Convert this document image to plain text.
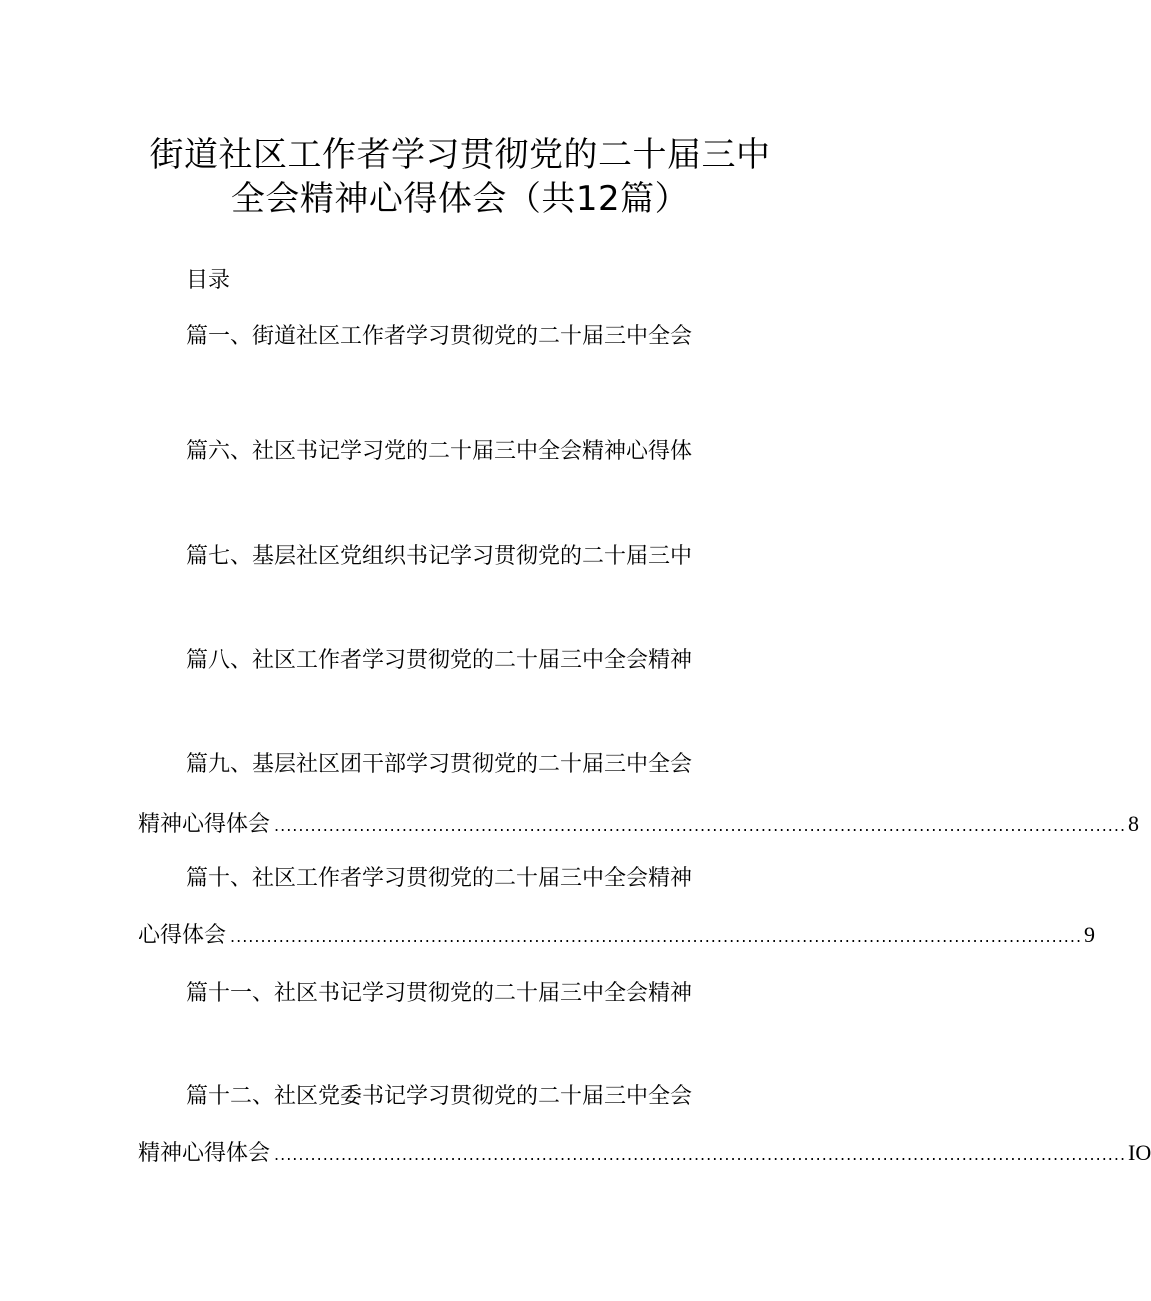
街道社区工作者学习贯彻党的二十届三中
全会精神心得体会（共12篇）
目录
篇一、街道社区工作者学习贯彻党的二十届三中全会
篇六、社区书记学习党的二十届三中全会精神心得体
篇七、基层社区党组织书记学习贯彻党的二十届三中
篇八、社区工作者学习贯彻党的二十届三中全会精神
篇九、基层社区团干部学习贯彻党的二十届三中全会
精神心得体会 ............................................................................................................................................ 8
篇十、社区工作者学习贯彻党的二十届三中全会精神
心得体会 ............................................................................................................................................ 9
篇十一、社区书记学习贯彻党的二十届三中全会精神
篇十二、社区党委书记学习贯彻党的二十届三中全会
精神心得体会 ............................................................................................................................................ IO
